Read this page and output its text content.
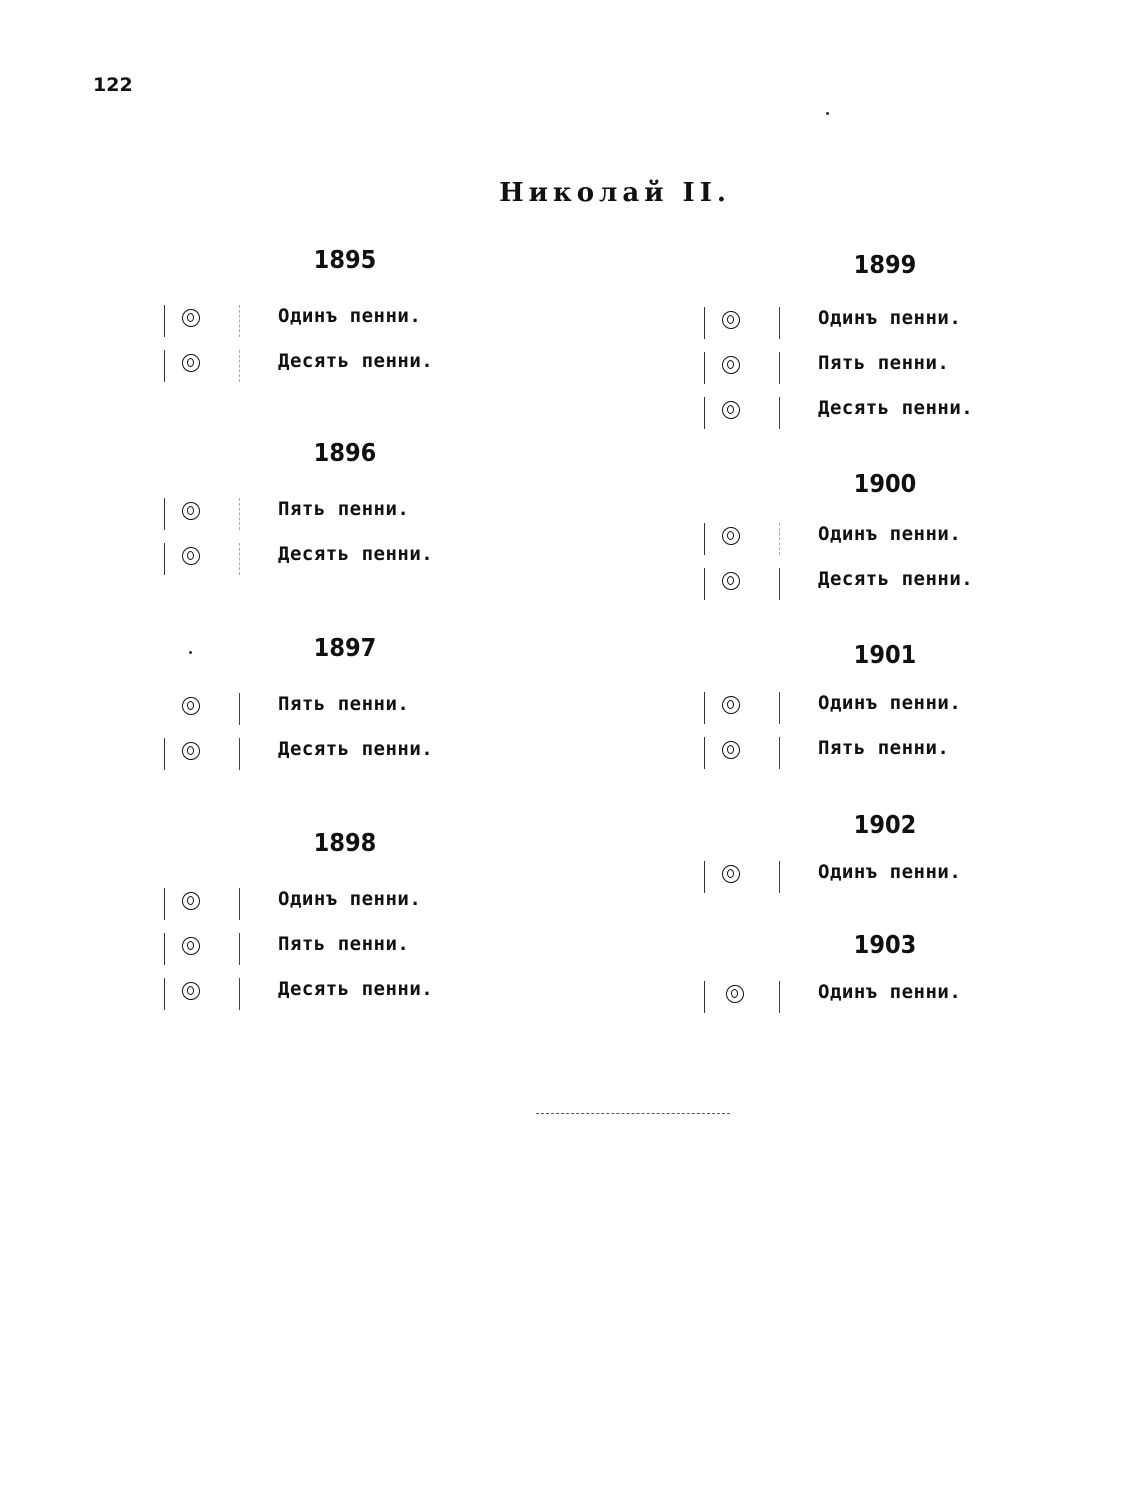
122
Николай II.
1895
Одинъ пенни.
Десять пенни.
1896
Пять пенни.
Десять пенни.
1897
Пять пенни.
Десять пенни.
1898
Одинъ пенни.
Пять пенни.
Десять пенни.
1899
Одинъ пенни.
Пять пенни.
Десять пенни.
1900
Одинъ пенни.
Десять пенни.
1901
Одинъ пенни.
Пять пенни.
1902
Одинъ пенни.
1903
Одинъ пенни.
